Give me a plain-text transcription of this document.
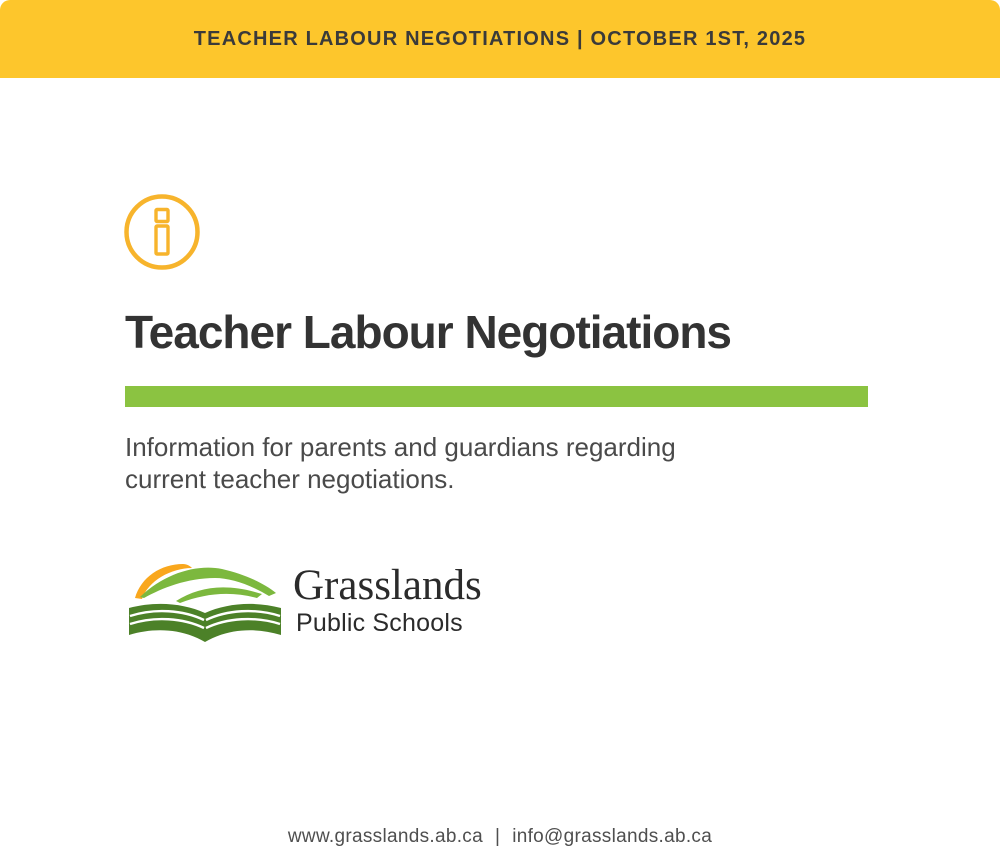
TEACHER LABOUR NEGOTIATIONS | OCTOBER 1ST, 2025
Teacher Labour Negotiations

Information for parents and guardians regarding
current teacher negotiations.

Grasslands
Public Schools
www.grasslands.ab.ca | info@grasslands.ab.ca
